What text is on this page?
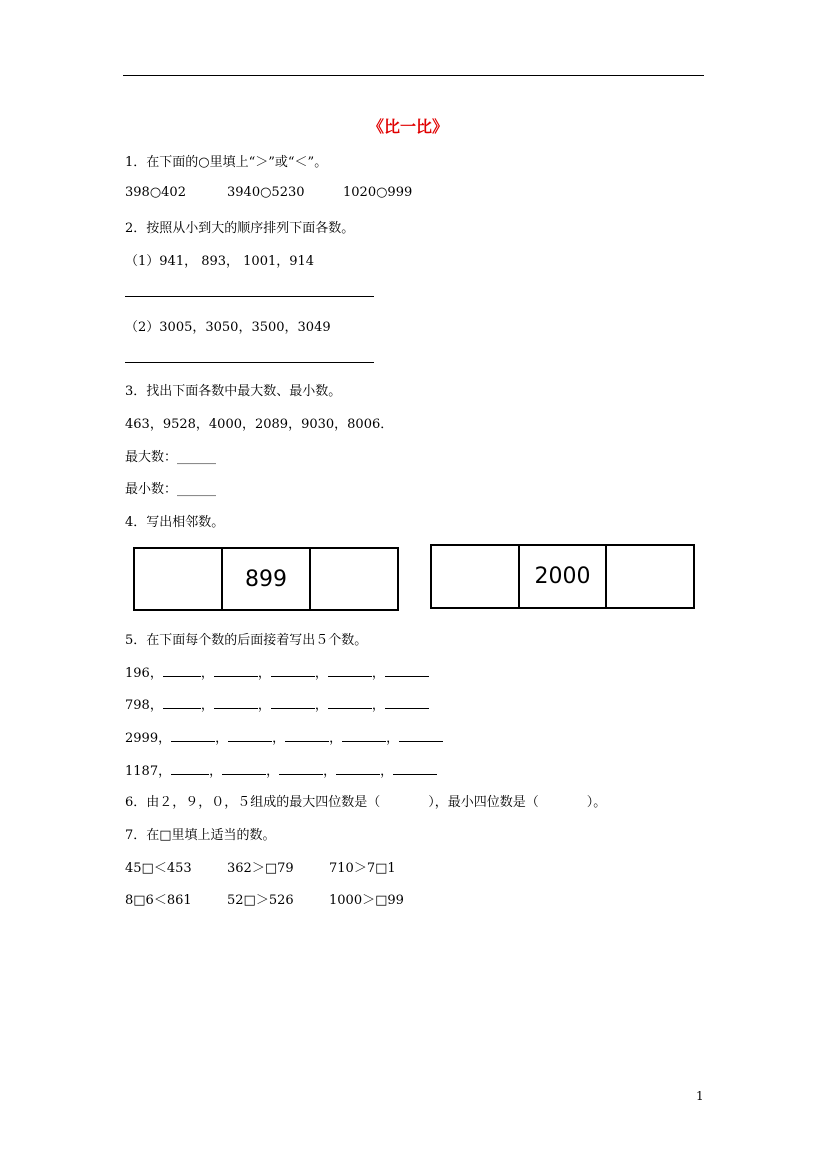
《比一比》
1．在下面的○里填上“＞”或“＜”。
398○402	3940○5230	1020○999
2．按照从小到大的顺序排列下面各数。
（1）941， 893， 1001，914
（2）3005，3050，3500，3049
3．找出下面各数中最大数、最小数。
463，9528，4000，2089，9030，8006．
最大数：______
最小数：______
4．写出相邻数。
899	2000
5．在下面每个数的后面接着写出５个数。
196，	，	，	，	，
798，	，	，	，	，
2999，	，	，	，	，
1187，	，	，	，	，
6．由２，９，０，５组成的最大四位数是（	），最小四位数是（	）。
7．在□里填上适当的数。
45□＜453	362＞□79	710＞7□1
8□6＜861	52□＞526	1000＞□99
1
